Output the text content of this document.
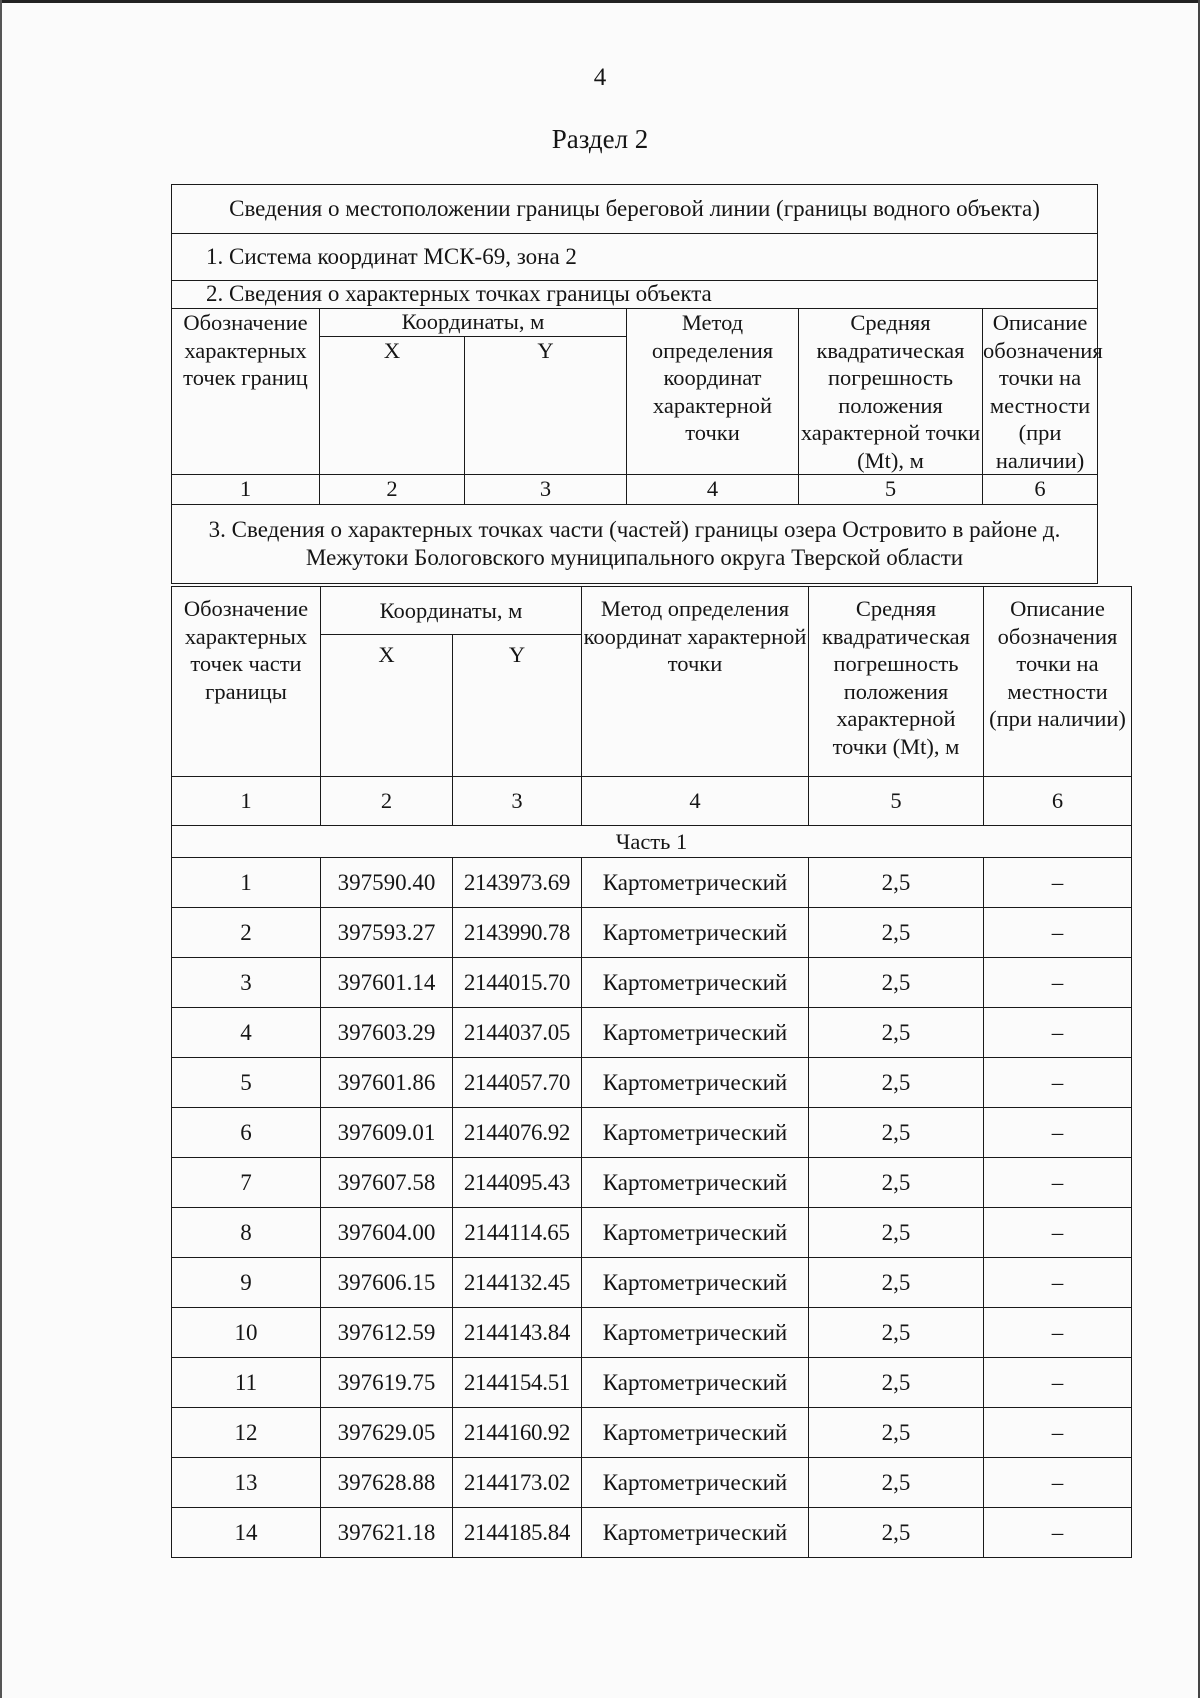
4
Раздел 2
Сведения о местоположении границы береговой линии (границы водного объекта)					
1. Система координат МСК-69, зона 2					
2. Сведения о характерных точках границы объекта					
Обозначение характерных точек границ	Координаты, м		Метод определения координат характерной точки	Средняя квадратическая погрешность положения характерной точки (Mt), м	Описание обозначения точки на местности (при наличии)
	X	Y			
1	2	3	4	5	6
3. Сведения о характерных точках части (частей) границы озера Островито в районе д. Межутоки Бологовского муниципального округа Тверской области					
Обозначение характерных точек части границы	Координаты, м		Метод определения координат характерной точки	Средняя квадратическая погрешность положения характерной точки (Mt), м	Описание обозначения точки на местности (при наличии)
	X	Y			
1	2	3	4	5	6
Часть 1					
1	397590.40	2143973.69	Картометрический	2,5	–
2	397593.27	2143990.78	Картометрический	2,5	–
3	397601.14	2144015.70	Картометрический	2,5	–
4	397603.29	2144037.05	Картометрический	2,5	–
5	397601.86	2144057.70	Картометрический	2,5	–
6	397609.01	2144076.92	Картометрический	2,5	–
7	397607.58	2144095.43	Картометрический	2,5	–
8	397604.00	2144114.65	Картометрический	2,5	–
9	397606.15	2144132.45	Картометрический	2,5	–
10	397612.59	2144143.84	Картометрический	2,5	–
11	397619.75	2144154.51	Картометрический	2,5	–
12	397629.05	2144160.92	Картометрический	2,5	–
13	397628.88	2144173.02	Картометрический	2,5	–
14	397621.18	2144185.84	Картометрический	2,5	–
